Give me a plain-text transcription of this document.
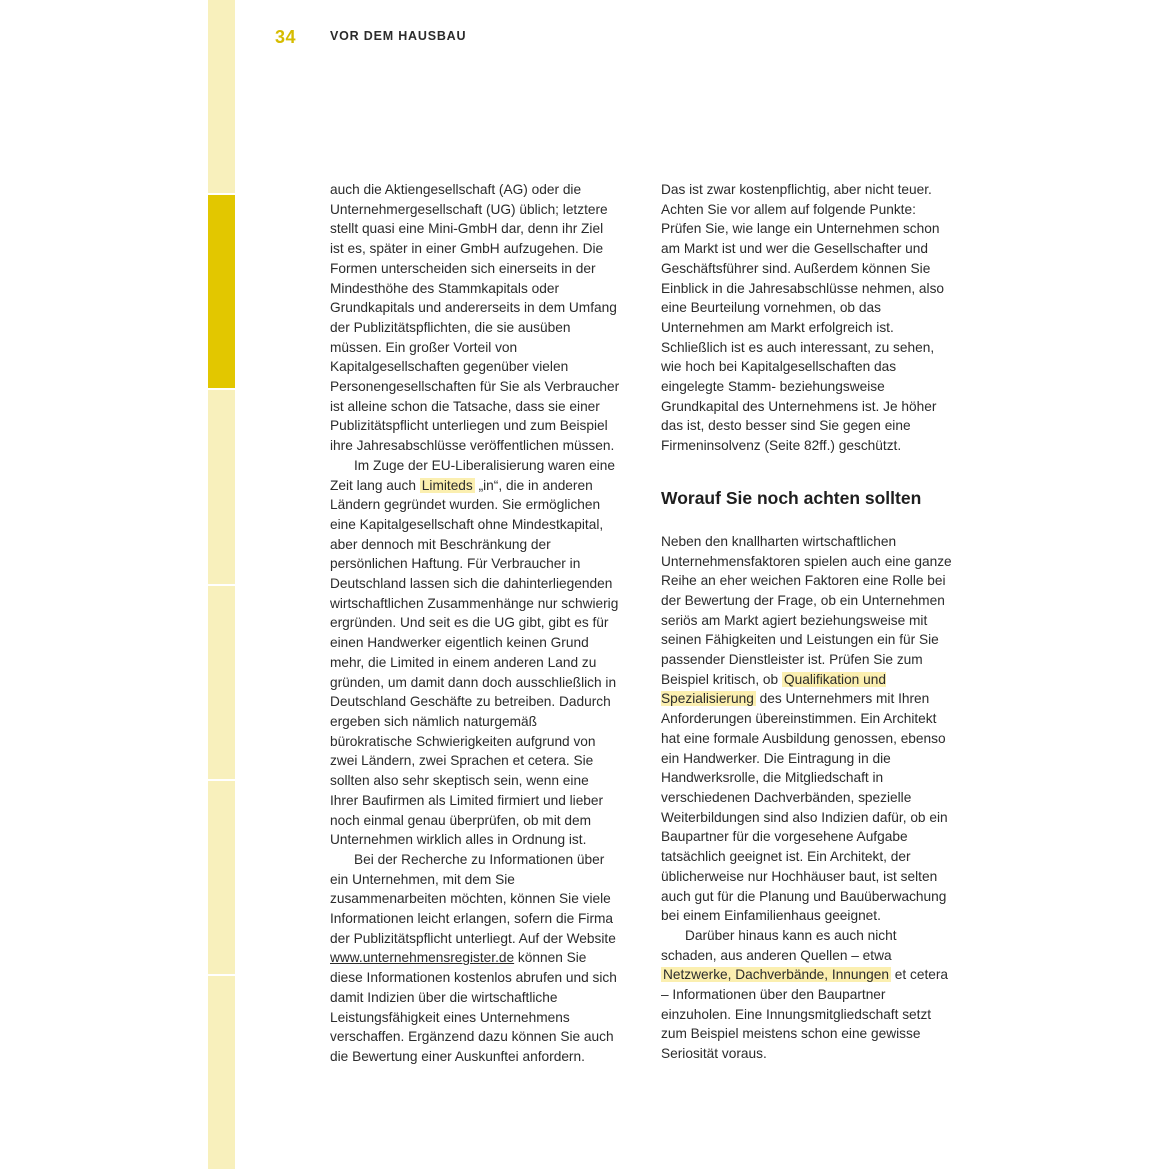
34	VOR DEM HAUSBAU

auch die Aktiengesellschaft (AG) oder die Unternehmergesellschaft (UG) üblich; letztere stellt quasi eine Mini-GmbH dar, denn ihr Ziel ist es, später in einer GmbH aufzugehen. Die Formen unterscheiden sich einerseits in der Mindesthöhe des Stammkapitals oder Grundkapitals und andererseits in dem Umfang der Publizitätspflichten, die sie ausüben müssen. Ein großer Vorteil von Kapitalgesellschaften gegenüber vielen Personengesellschaften für Sie als Verbraucher ist alleine schon die Tatsache, dass sie einer Publizitätspflicht unterliegen und zum Beispiel ihre Jahresabschlüsse veröffentlichen müssen.

Im Zuge der EU-Liberalisierung waren eine Zeit lang auch Limiteds „in“, die in anderen Ländern gegründet wurden. Sie ermöglichen eine Kapitalgesellschaft ohne Mindestkapital, aber dennoch mit Beschränkung der persönlichen Haftung. Für Verbraucher in Deutschland lassen sich die dahinterliegenden wirtschaftlichen Zusammenhänge nur schwierig ergründen. Und seit es die UG gibt, gibt es für einen Handwerker eigentlich keinen Grund mehr, die Limited in einem anderen Land zu gründen, um damit dann doch ausschließlich in Deutschland Geschäfte zu betreiben. Dadurch ergeben sich nämlich naturgemäß bürokratische Schwierigkeiten aufgrund von zwei Ländern, zwei Sprachen et cetera. Sie sollten also sehr skeptisch sein, wenn eine Ihrer Baufirmen als Limited firmiert und lieber noch einmal genau überprüfen, ob mit dem Unternehmen wirklich alles in Ordnung ist.

Bei der Recherche zu Informationen über ein Unternehmen, mit dem Sie zusammenarbeiten möchten, können Sie viele Informationen leicht erlangen, sofern die Firma der Publizitätspflicht unterliegt. Auf der Website www.unternehmensregister.de können Sie diese Informationen kostenlos abrufen und sich damit Indizien über die wirtschaftliche Leistungsfähigkeit eines Unternehmens verschaffen. Ergänzend dazu können Sie auch die Bewertung einer Auskunftei anfordern.

Das ist zwar kostenpflichtig, aber nicht teuer. Achten Sie vor allem auf folgende Punkte: Prüfen Sie, wie lange ein Unternehmen schon am Markt ist und wer die Gesellschafter und Geschäftsführer sind. Außerdem können Sie Einblick in die Jahresabschlüsse nehmen, also eine Beurteilung vornehmen, ob das Unternehmen am Markt erfolgreich ist. Schließlich ist es auch interessant, zu sehen, wie hoch bei Kapitalgesellschaften das eingelegte Stamm- beziehungsweise Grundkapital des Unternehmens ist. Je höher das ist, desto besser sind Sie gegen eine Firmeninsolvenz (Seite 82ff.) geschützt.

Worauf Sie noch achten sollten

Neben den knallharten wirtschaftlichen Unternehmensfaktoren spielen auch eine ganze Reihe an eher weichen Faktoren eine Rolle bei der Bewertung der Frage, ob ein Unternehmen seriös am Markt agiert beziehungsweise mit seinen Fähigkeiten und Leistungen ein für Sie passender Dienstleister ist. Prüfen Sie zum Beispiel kritisch, ob Qualifikation und Spezialisierung des Unternehmers mit Ihren Anforderungen übereinstimmen. Ein Architekt hat eine formale Ausbildung genossen, ebenso ein Handwerker. Die Eintragung in die Handwerksrolle, die Mitgliedschaft in verschiedenen Dachverbänden, spezielle Weiterbildungen sind also Indizien dafür, ob ein Baupartner für die vorgesehene Aufgabe tatsächlich geeignet ist. Ein Architekt, der üblicherweise nur Hochhäuser baut, ist selten auch gut für die Planung und Bauüberwachung bei einem Einfamilienhaus geeignet.

Darüber hinaus kann es auch nicht schaden, aus anderen Quellen – etwa Netzwerke, Dachverbände, Innungen et cetera – Informationen über den Baupartner einzuholen. Eine Innungsmitgliedschaft setzt zum Beispiel meistens schon eine gewisse Seriosität voraus.
